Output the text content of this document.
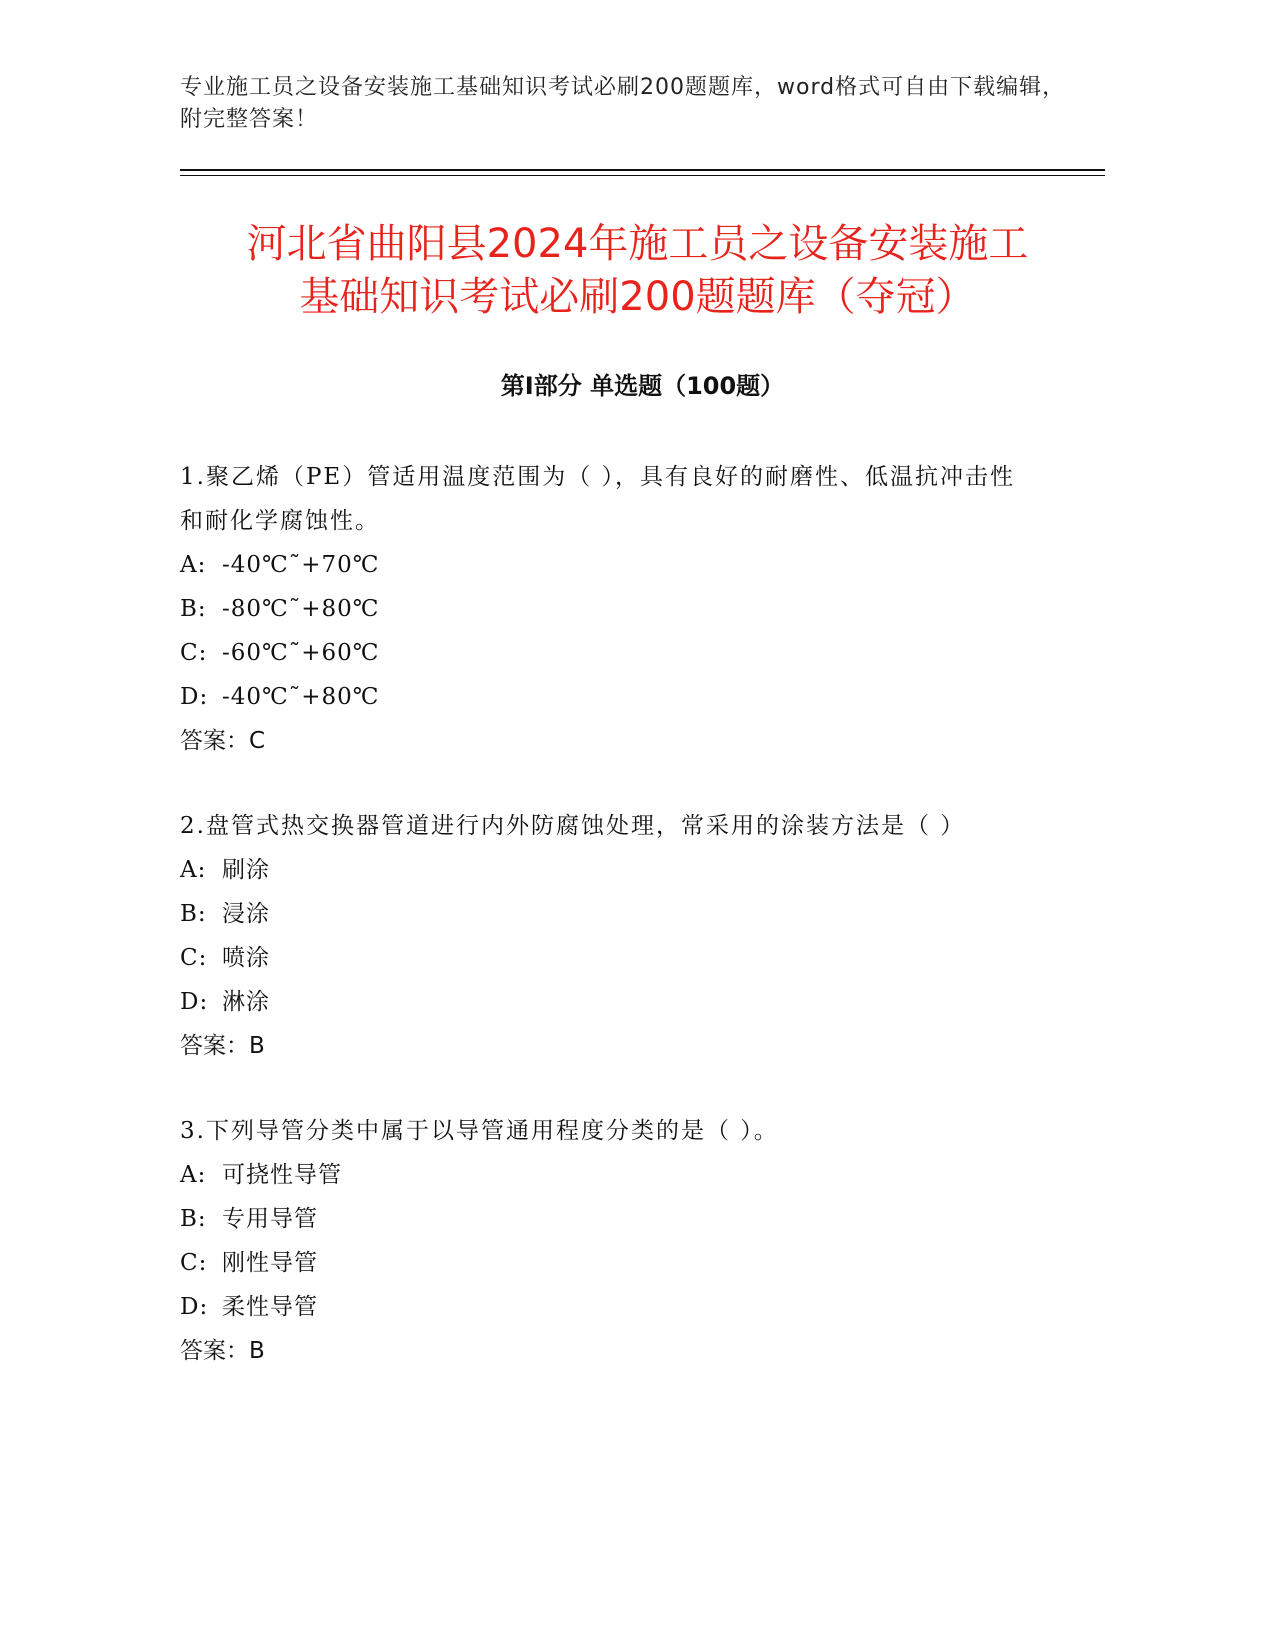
专业施工员之设备安装施工基础知识考试必刷200题题库，word格式可自由下载编辑，附完整答案！
河北省曲阳县2024年施工员之设备安装施工
基础知识考试必刷200题题库（夺冠）
第Ⅰ部分 单选题（100题）
1.聚乙烯（PE）管适用温度范围为（ ），具有良好的耐磨性、低温抗冲击性和耐化学腐蚀性。
A: -40℃˜+70℃
B: -80℃˜+80℃
C: -60℃˜+60℃
D: -40℃˜+80℃
答案：C
2.盘管式热交换器管道进行内外防腐蚀处理，常采用的涂装方法是（ ）
A: 刷涂
B: 浸涂
C: 喷涂
D: 淋涂
答案：B
3.下列导管分类中属于以导管通用程度分类的是（ ）。
A: 可挠性导管
B: 专用导管
C: 刚性导管
D: 柔性导管
答案：B
